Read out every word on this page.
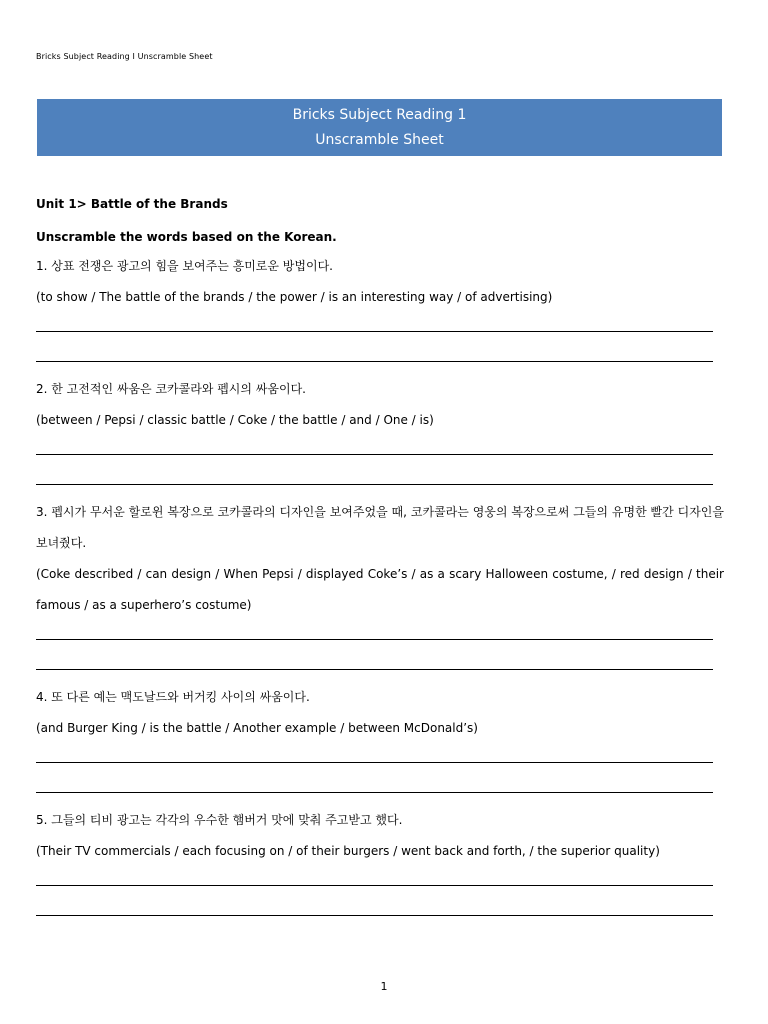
Bricks Subject Reading I Unscramble Sheet
Bricks Subject Reading 1
Unscramble Sheet
Unit 1> Battle of the Brands
Unscramble the words based on the Korean.
1. 상표 전쟁은 광고의 힘을 보여주는 흥미로운 방법이다.
(to show / The battle of the brands / the power / is an interesting way / of advertising)
2. 한 고전적인 싸움은 코카콜라와 펩시의 싸움이다.
(between / Pepsi / classic battle / Coke / the battle / and / One / is)
3. 펩시가 무서운 할로윈 복장으로 코카콜라의 디자인을 보여주었을 때, 코카콜라는 영웅의 복장으로써 그들의 유명한 빨간 디자인을 보녀줬다.
(Coke described / can design / When Pepsi / displayed Coke’s / as a scary Halloween costume, / red design / their famous / as a superhero’s costume)
4. 또 다른 예는 맥도날드와 버거킹 사이의 싸움이다.
(and Burger King / is the battle / Another example / between McDonald’s)
5. 그들의 티비 광고는 각각의 우수한 햄버거 맛에 맞춰 주고받고 했다.
(Their TV commercials / each focusing on / of their burgers / went back and forth, / the superior quality)
1
